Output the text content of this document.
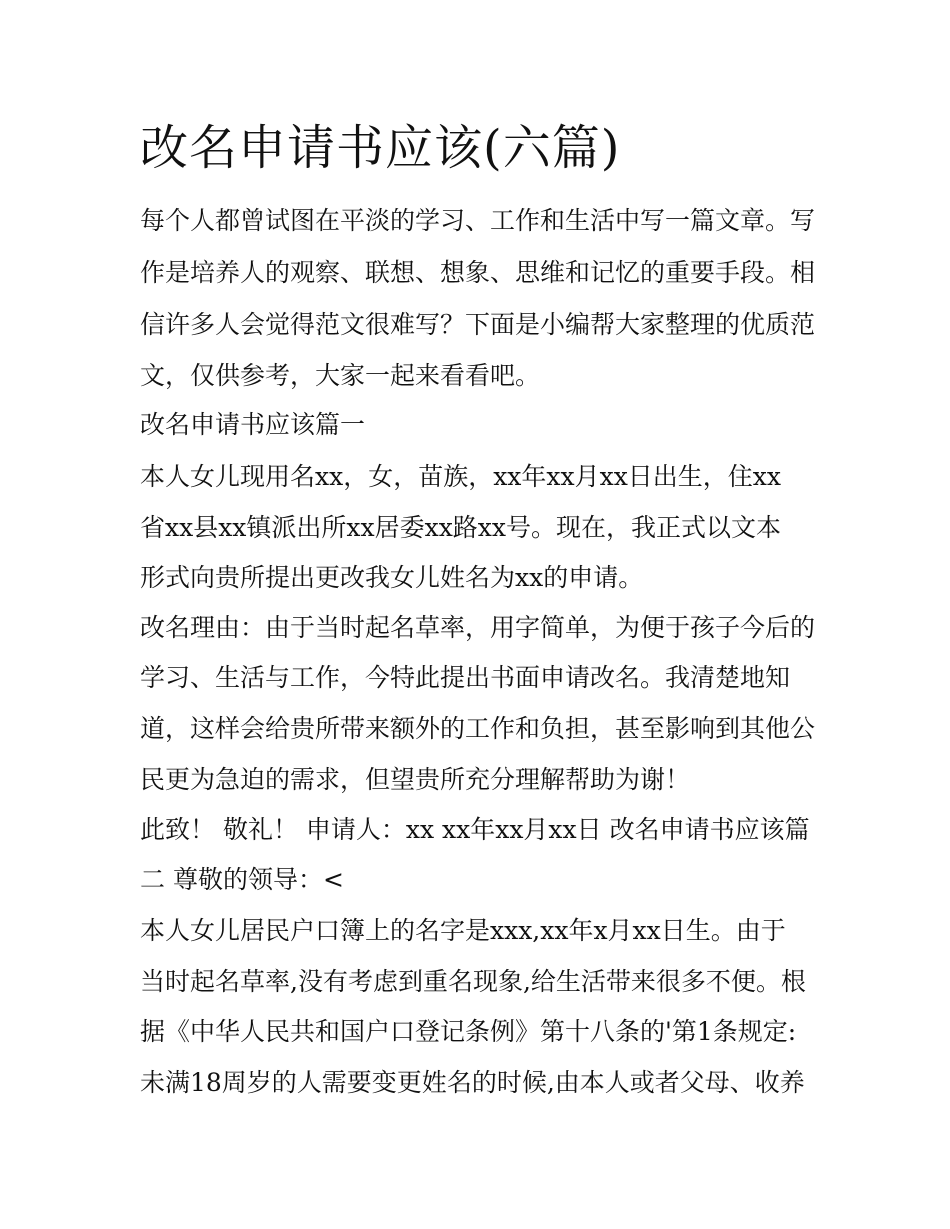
改名申请书应该(六篇)

每个人都曾试图在平淡的学习、工作和生活中写一篇文章。写

作是培养人的观察、联想、想象、思维和记忆的重要手段。相

信许多人会觉得范文很难写？下面是小编帮大家整理的优质范

文，仅供参考，大家一起来看看吧。

改名申请书应该篇一

本人女儿现用名xx，女，苗族，xx年xx月xx日出生，住xx

省xx县xx镇派出所xx居委xx路xx号。现在，我正式以文本

形式向贵所提出更改我女儿姓名为xx的申请。

改名理由：由于当时起名草率，用字简单，为便于孩子今后的

学习、生活与工作，今特此提出书面申请改名。我清楚地知

道，这样会给贵所带来额外的工作和负担，甚至影响到其他公

民更为急迫的需求，但望贵所充分理解帮助为谢！

此致！ 敬礼！ 申请人：xx xx年xx月xx日 改名申请书应该篇

二 尊敬的领导：<

本人女儿居民户口簿上的名字是xxx,xx年x月xx日生。由于

当时起名草率,没有考虑到重名现象,给生活带来很多不便。根

据《中华人民共和国户口登记条例》第十八条的'第1条规定:

未满18周岁的人需要变更姓名的时候,由本人或者父母、收养
